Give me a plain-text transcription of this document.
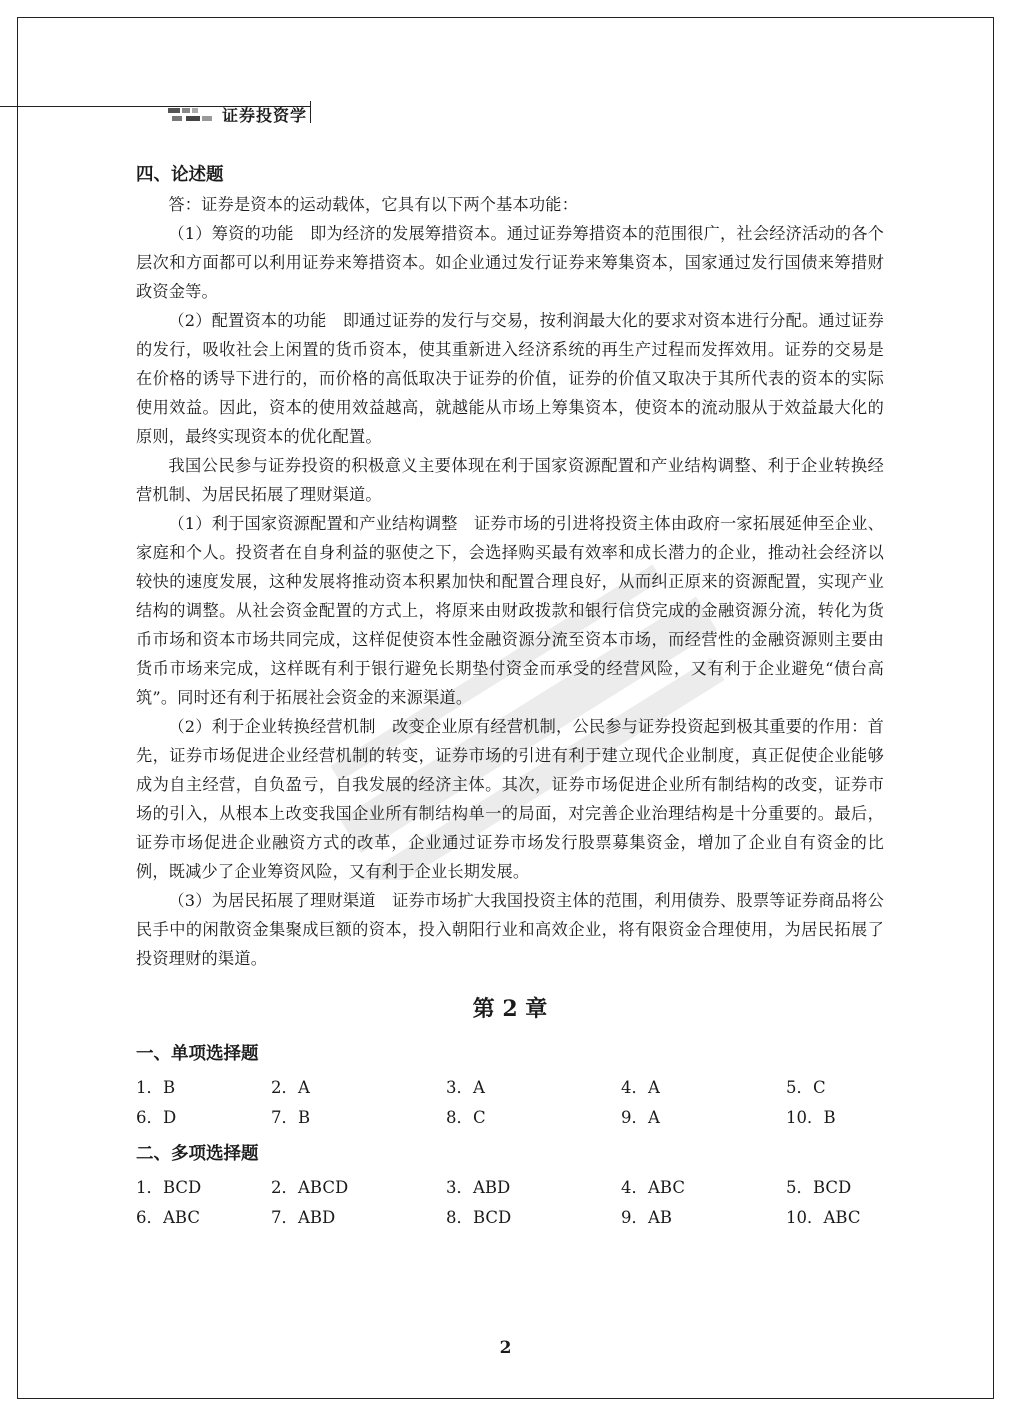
证券投资学
四、论述题

答：证券是资本的运动载体，它具有以下两个基本功能：

（1）筹资的功能　即为经济的发展筹措资本。通过证券筹措资本的范围很广，社会经济活动的各个层次和方面都可以利用证券来筹措资本。如企业通过发行证券来筹集资本，国家通过发行国债来筹措财政资金等。

（2）配置资本的功能　即通过证券的发行与交易，按利润最大化的要求对资本进行分配。通过证券的发行，吸收社会上闲置的货币资本，使其重新进入经济系统的再生产过程而发挥效用。证券的交易是在价格的诱导下进行的，而价格的高低取决于证券的价值，证券的价值又取决于其所代表的资本的实际使用效益。因此，资本的使用效益越高，就越能从市场上筹集资本，使资本的流动服从于效益最大化的原则，最终实现资本的优化配置。

我国公民参与证券投资的积极意义主要体现在利于国家资源配置和产业结构调整、利于企业转换经营机制、为居民拓展了理财渠道。

（1）利于国家资源配置和产业结构调整　证券市场的引进将投资主体由政府一家拓展延伸至企业、家庭和个人。投资者在自身利益的驱使之下，会选择购买最有效率和成长潜力的企业，推动社会经济以较快的速度发展，这种发展将推动资本积累加快和配置合理良好，从而纠正原来的资源配置，实现产业结构的调整。从社会资金配置的方式上，将原来由财政拨款和银行信贷完成的金融资源分流，转化为货币市场和资本市场共同完成，这样促使资本性金融资源分流至资本市场，而经营性的金融资源则主要由货币市场来完成，这样既有利于银行避免长期垫付资金而承受的经营风险，又有利于企业避免“债台高筑”。同时还有利于拓展社会资金的来源渠道。

（2）利于企业转换经营机制　改变企业原有经营机制，公民参与证券投资起到极其重要的作用：首先，证券市场促进企业经营机制的转变，证券市场的引进有利于建立现代企业制度，真正促使企业能够成为自主经营，自负盈亏，自我发展的经济主体。其次，证券市场促进企业所有制结构的改变，证券市场的引入，从根本上改变我国企业所有制结构单一的局面，对完善企业治理结构是十分重要的。最后，证券市场促进企业融资方式的改革，企业通过证券市场发行股票募集资金，增加了企业自有资金的比例，既减少了企业筹资风险，又有利于企业长期发展。

（3）为居民拓展了理财渠道　证券市场扩大我国投资主体的范围，利用债券、股票等证券商品将公民手中的闲散资金集聚成巨额的资本，投入朝阳行业和高效企业，将有限资金合理使用，为居民拓展了投资理财的渠道。

第 2 章
一、单项选择题
1．B	2．A	3．A	4．A	5．C
6．D	7．B	8．C	9．A	10．B
二、多项选择题
1．BCD	2．ABCD	3．ABD	4．ABC	5．BCD
6．ABC	7．ABD	8．BCD	9．AB	10．ABC
2
